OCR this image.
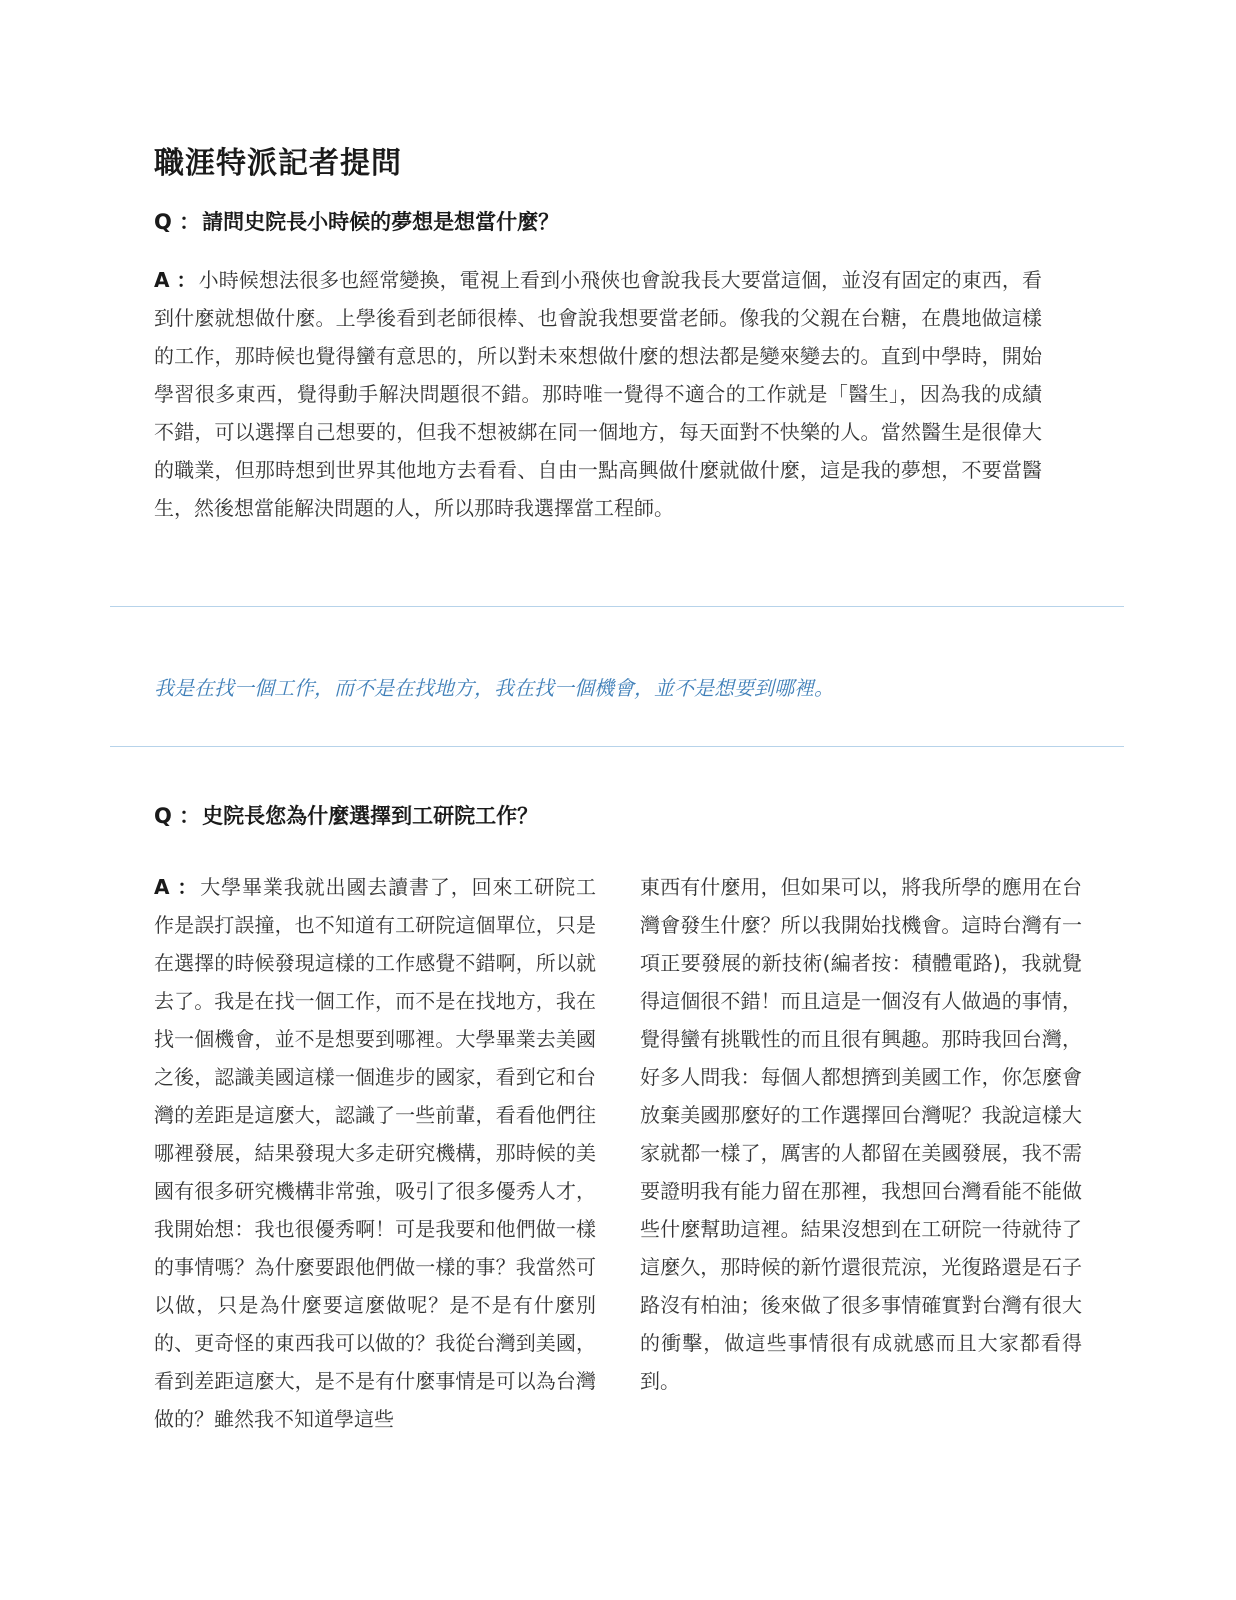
職涯特派記者提問

Q ：請問史院長小時候的夢想是想當什麼？

A ： 小時候想法很多也經常變換，電視上看到小飛俠也會說我長大要當這個，並沒有固定的東西，看到什麼就想做什麼。上學後看到老師很棒、也會說我想要當老師。像我的父親在台糖，在農地做這樣的工作，那時候也覺得蠻有意思的，所以對未來想做什麼的想法都是變來變去的。直到中學時，開始學習很多東西，覺得動手解決問題很不錯。那時唯一覺得不適合的工作就是「醫生」，因為我的成績不錯，可以選擇自己想要的，但我不想被綁在同一個地方，每天面對不快樂的人。當然醫生是很偉大的職業，但那時想到世界其他地方去看看、自由一點高興做什麼就做什麼，這是我的夢想，不要當醫生，然後想當能解決問題的人，所以那時我選擇當工程師。

我是在找一個工作，而不是在找地方，我在找一個機會，並不是想要到哪裡。

Q ：史院長您為什麼選擇到工研院工作？

A ： 大學畢業我就出國去讀書了，回來工研院工作是誤打誤撞，也不知道有工研院這個單位，只是在選擇的時候發現這樣的工作感覺不錯啊，所以就去了。我是在找一個工作，而不是在找地方，我在找一個機會，並不是想要到哪裡。大學畢業去美國之後，認識美國這樣一個進步的國家，看到它和台灣的差距是這麼大，認識了一些前輩，看看他們往哪裡發展，結果發現大多走研究機構，那時候的美國有很多研究機構非常強，吸引了很多優秀人才，我開始想：我也很優秀啊！可是我要和他們做一樣的事情嗎？為什麼要跟他們做一樣的事？我當然可以做，只是為什麼要這麼做呢？是不是有什麼別的、更奇怪的東西我可以做的？我從台灣到美國，看到差距這麼大，是不是有什麼事情是可以為台灣做的？雖然我不知道學這些
東西有什麼用，但如果可以，將我所學的應用在台灣會發生什麼？所以我開始找機會。這時台灣有一項正要發展的新技術(編者按：積體電路)，我就覺得這個很不錯！而且這是一個沒有人做過的事情，覺得蠻有挑戰性的而且很有興趣。那時我回台灣，好多人問我：每個人都想擠到美國工作，你怎麼會放棄美國那麼好的工作選擇回台灣呢？我說這樣大家就都一樣了，厲害的人都留在美國發展，我不需要證明我有能力留在那裡，我想回台灣看能不能做些什麼幫助這裡。結果沒想到在工研院一待就待了這麼久，那時候的新竹還很荒涼，光復路還是石子路沒有柏油；後來做了很多事情確實對台灣有很大的衝擊，做這些事情很有成就感而且大家都看得到。
